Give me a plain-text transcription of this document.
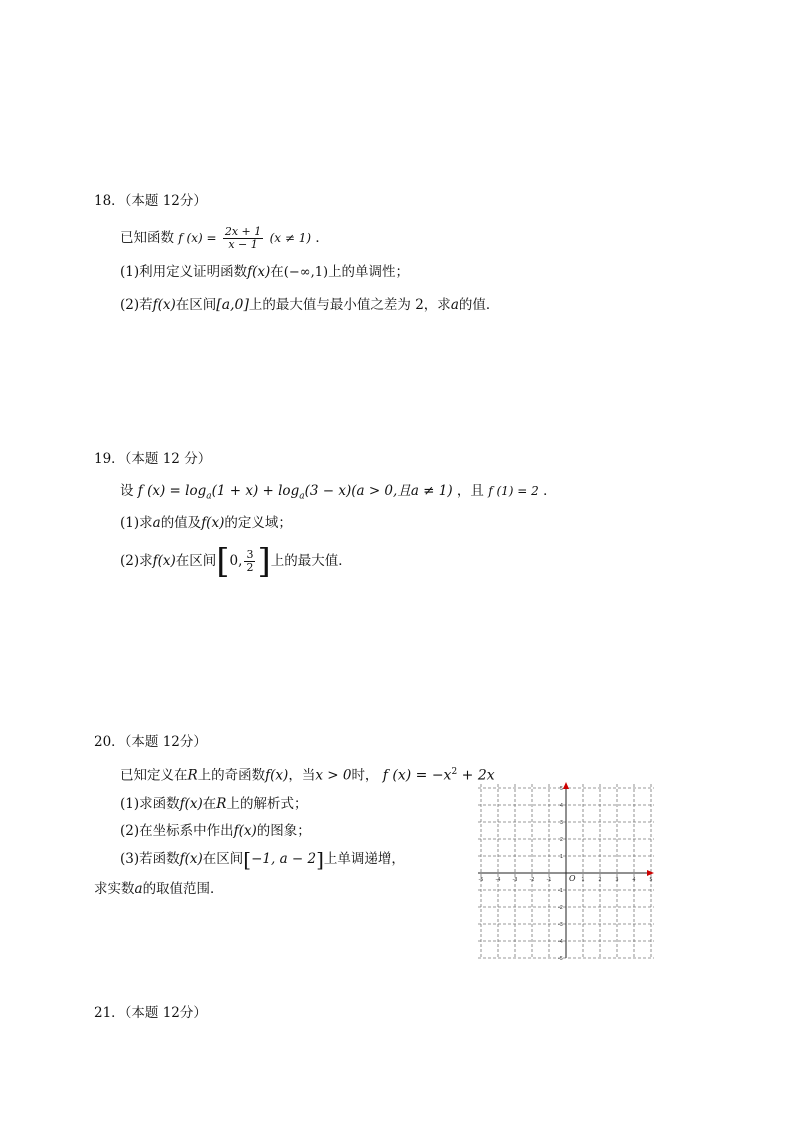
18．（本题 12分）
已知函数 f $(x) = \frac{2x + 1}{x - 1} (x \ne 1)$ ．
(1)利用定义证明函数f(x)在(−∞,1)上的单调性；
(2)若f(x)在区间[a,0]上的最大值与最小值之差为 2，求a的值．
19．（本题 12 分）
设 f $(x) = \log_a(1 + x) + \log_a(3 - x)(a > 0$,且a ≠ 1) ，且 f (1) = 2 ．
(1)求a的值及f(x)的定义域；
(2)求f(x)在区间[0, $\frac{3}{2}$ ]上的最大值．
20．（本题 12分）
已知定义在R上的奇函数f(x)，当x > 0时， f $(x) = -x^2 + 2x$
(1)求函数f(x)在R上的解析式；
(2)在坐标系中作出f(x)的图象；
(3)若函数f(x)在区间[−1, a − 2]上单调递增，
求实数a的取值范围．
-5 -4 -3 -2 -1	1	2	3	4	5
5
4
3
2
1
-1
-2
-3
-4
-5
O
21．（本题 12分）
